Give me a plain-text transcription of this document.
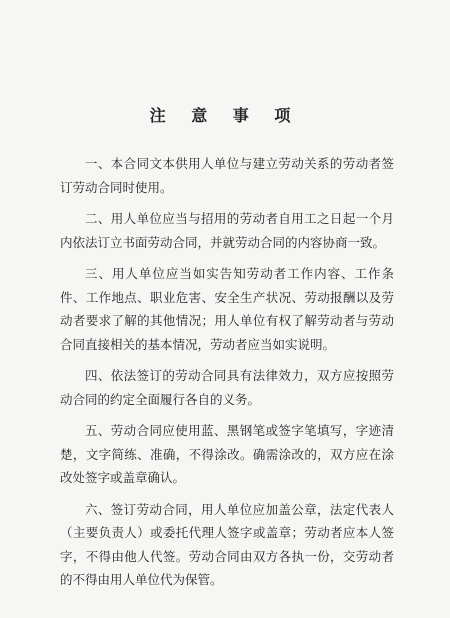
注 意 事 项

一、本合同文本供用人单位与建立劳动关系的劳动者签订劳动合同时使用。

二、用人单位应当与招用的劳动者自用工之日起一个月内依法订立书面劳动合同，并就劳动合同的内容协商一致。

三、用人单位应当如实告知劳动者工作内容、工作条件、工作地点、职业危害、安全生产状况、劳动报酬以及劳动者要求了解的其他情况；用人单位有权了解劳动者与劳动合同直接相关的基本情况，劳动者应当如实说明。

四、依法签订的劳动合同具有法律效力，双方应按照劳动合同的约定全面履行各自的义务。

五、劳动合同应使用蓝、黑钢笔或签字笔填写，字迹清楚，文字简练、准确，不得涂改。确需涂改的，双方应在涂改处签字或盖章确认。

六、签订劳动合同，用人单位应加盖公章，法定代表人（主要负责人）或委托代理人签字或盖章；劳动者应本人签字，不得由他人代签。劳动合同由双方各执一份，交劳动者的不得由用人单位代为保管。
